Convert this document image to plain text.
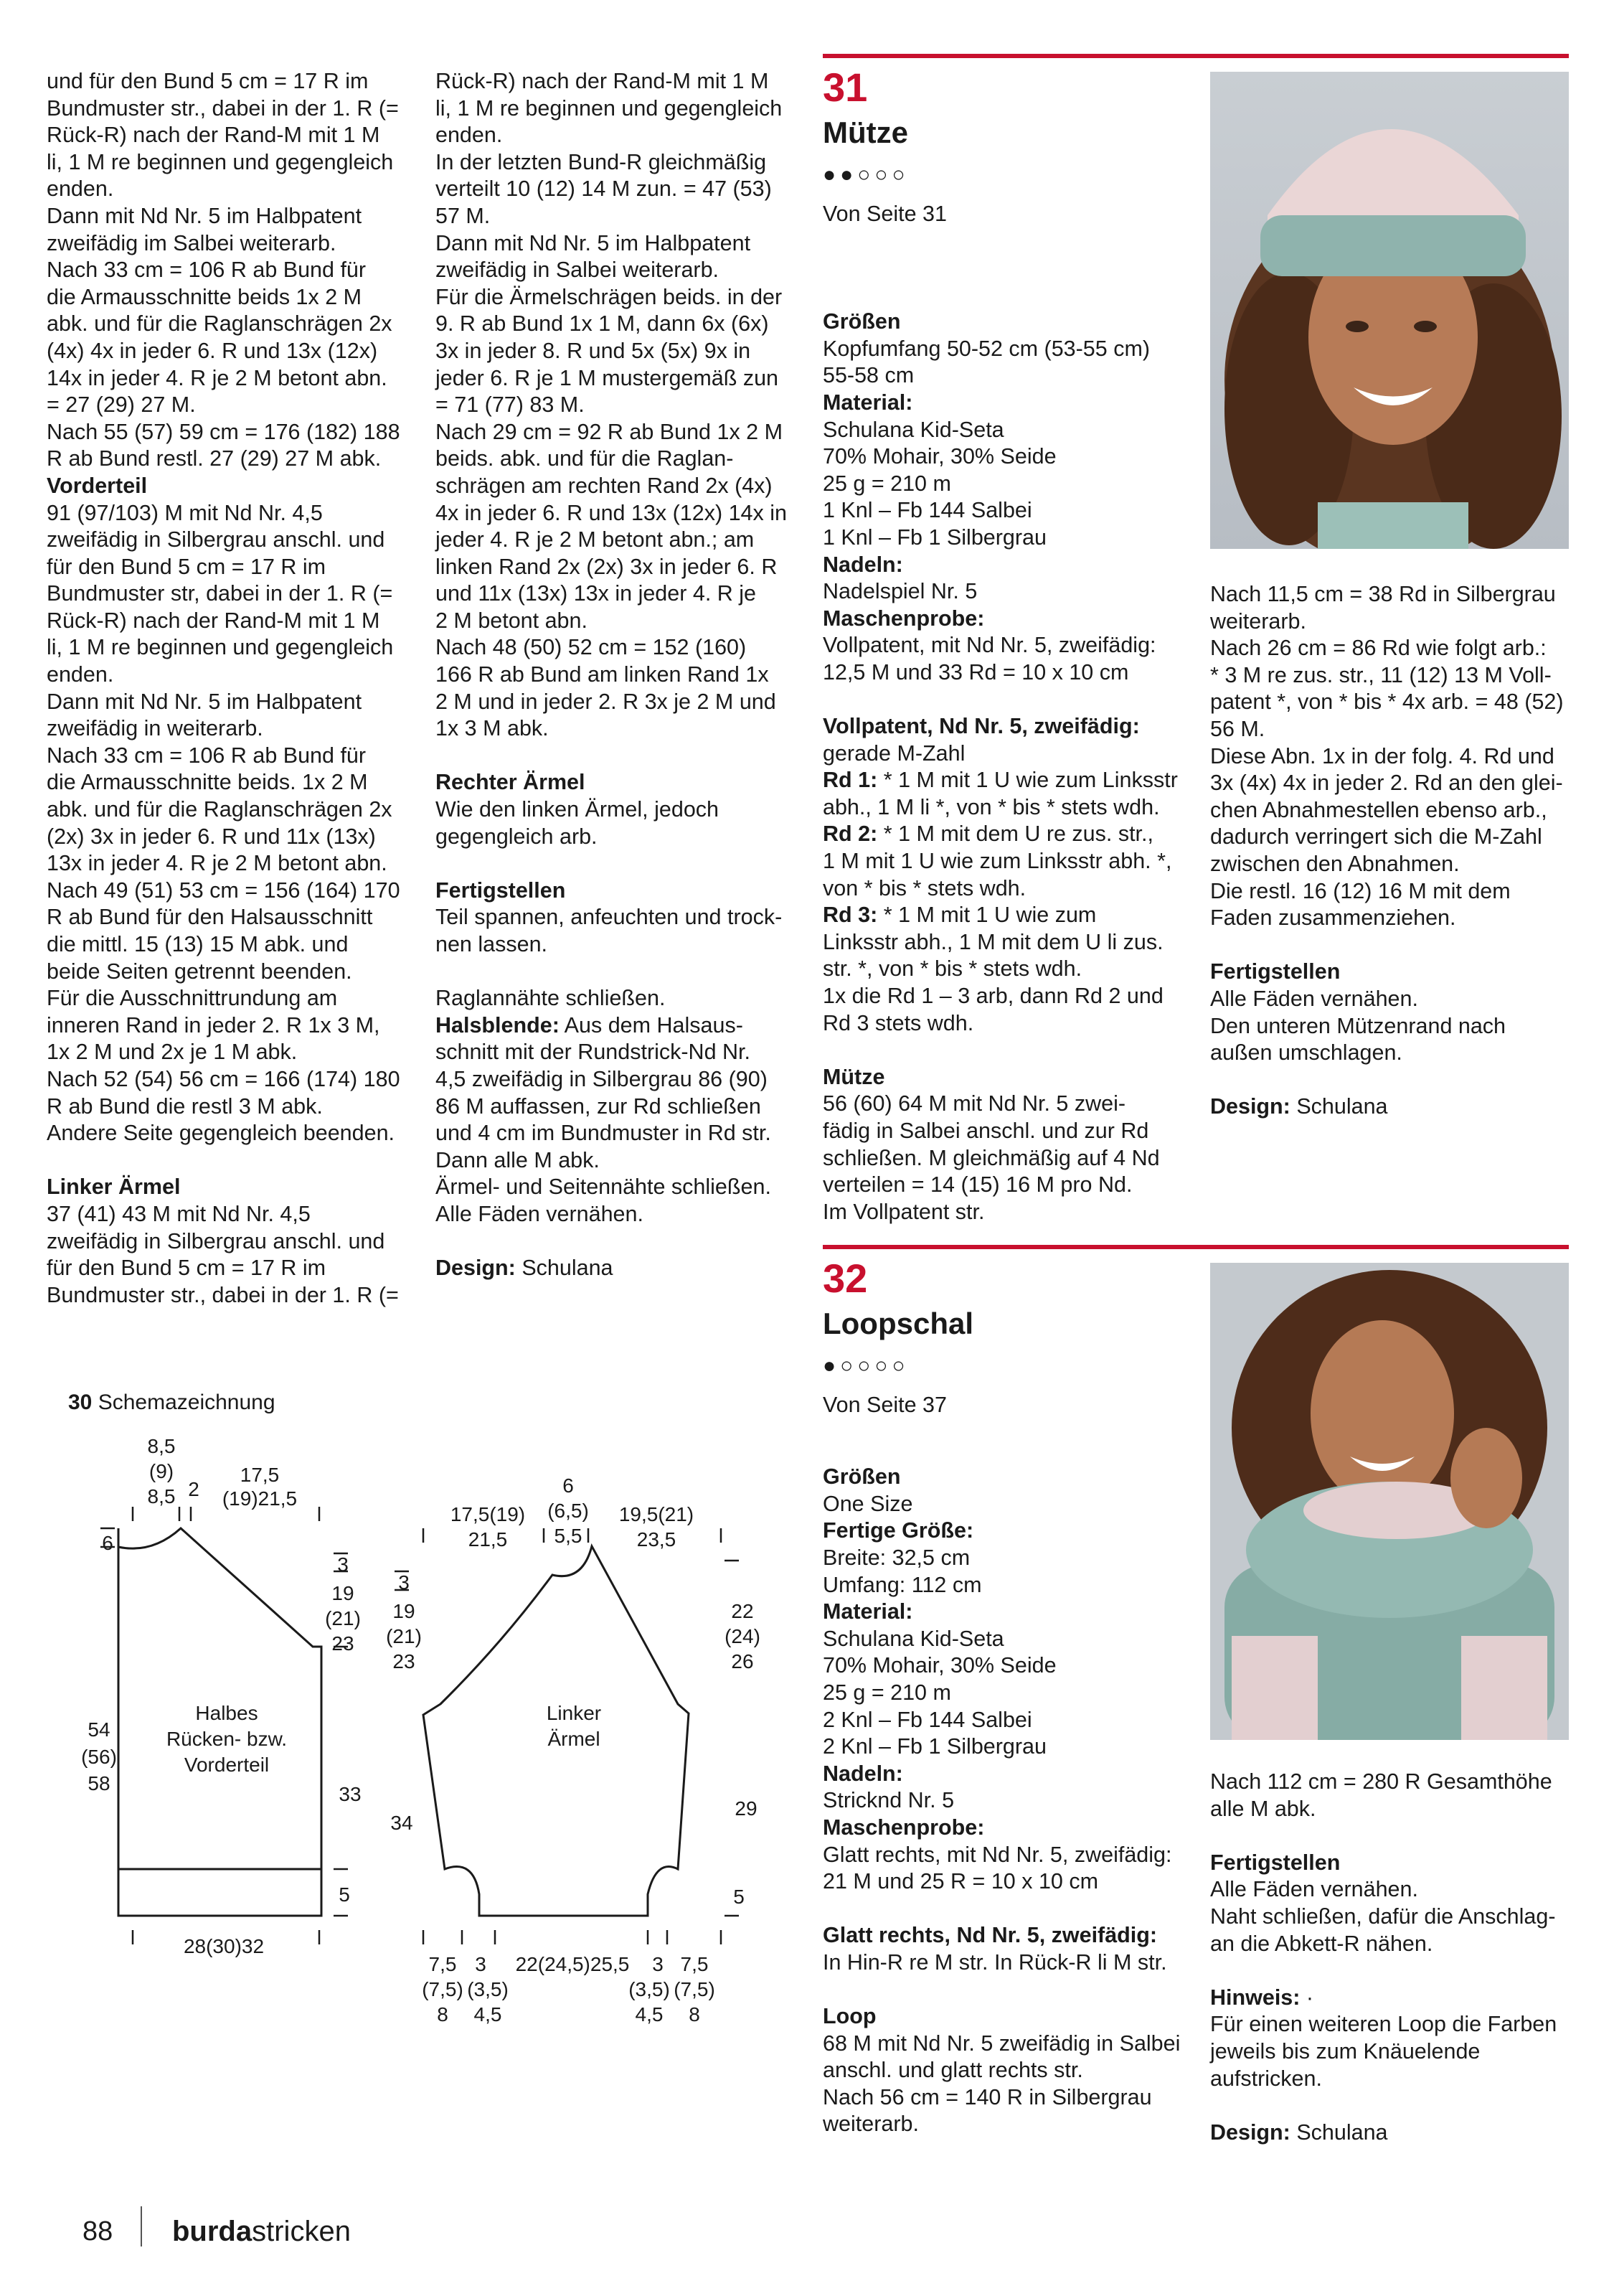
und für den Bund 5 cm = 17 R im

Bundmuster str., dabei in der 1. R (=

Rück-R) nach der Rand-M mit 1 M

li, 1 M re beginnen und gegengleich

enden.

Dann mit Nd Nr. 5 im Halbpatent

zweifädig im Salbei weiterarb.

Nach 33 cm = 106 R ab Bund für

die Armausschnitte beids 1x 2 M

abk. und für die Raglanschrägen 2x

(4x) 4x in jeder 6. R und 13x (12x)

14x in jeder 4. R je 2 M betont abn.

= 27 (29) 27 M.

Nach 55 (57) 59 cm = 176 (182) 188

R ab Bund restl. 27 (29) 27 M abk.

Vorderteil

91 (97/103) M mit Nd Nr. 4,5

zweifädig in Silbergrau anschl. und

für den Bund 5 cm = 17 R im

Bundmuster str, dabei in der 1. R (=

Rück-R) nach der Rand-M mit 1 M

li, 1 M re beginnen und gegengleich

enden.

Dann mit Nd Nr. 5 im Halbpatent

zweifädig in weiterarb.

Nach 33 cm = 106 R ab Bund für

die Armausschnitte beids. 1x 2 M

abk. und für die Raglanschrägen 2x

(2x) 3x in jeder 6. R und 11x (13x)

13x in jeder 4. R je 2 M betont abn.

Nach 49 (51) 53 cm = 156 (164) 170

R ab Bund für den Halsausschnitt

die mittl. 15 (13) 15 M abk. und

beide Seiten getrennt beenden.

Für die Ausschnittrundung am

inneren Rand in jeder 2. R 1x 3 M,

1x 2 M und 2x je 1 M abk.

Nach 52 (54) 56 cm = 166 (174) 180

R ab Bund die restl 3 M abk.

Andere Seite gegengleich beenden.

Linker Ärmel

37 (41) 43 M mit Nd Nr. 4,5

zweifädig in Silbergrau anschl. und

für den Bund 5 cm = 17 R im

Bundmuster str., dabei in der 1. R (=

Rück-R) nach der Rand-M mit 1 M

li, 1 M re beginnen und gegengleich

enden.

In der letzten Bund-R gleichmäßig

verteilt 10 (12) 14 M zun. = 47 (53)

57 M.

Dann mit Nd Nr. 5 im Halbpatent

zweifädig in Salbei weiterarb.

Für die Ärmelschrägen beids. in der

9. R ab Bund 1x 1 M, dann 6x (6x)

3x in jeder 8. R und 5x (5x) 9x in

jeder 6. R je 1 M mustergemäß zun

= 71 (77) 83 M.

Nach 29 cm = 92 R ab Bund 1x 2 M

beids. abk. und für die Raglan-

schrägen am rechten Rand 2x (4x)

4x in jeder 6. R und 13x (12x) 14x in

jeder 4. R je 2 M betont abn.; am

linken Rand 2x (2x) 3x in jeder 6. R

und 11x (13x) 13x in jeder 4. R je

2 M betont abn.

Nach 48 (50) 52 cm = 152 (160)

166 R ab Bund am linken Rand 1x

2 M und in jeder 2. R 3x je 2 M und

1x 3 M abk.

Rechter Ärmel

Wie den linken Ärmel, jedoch

gegengleich arb.

Fertigstellen

Teil spannen, anfeuchten und trock-

nen lassen.

Raglannähte schließen.

Halsblende: Aus dem Halsaus-

schnitt mit der Rundstrick-Nd Nr.

4,5 zweifädig in Silbergrau 86 (90)

86 M auffassen, zur Rd schließen

und 4 cm im Bundmuster in Rd str.

Dann alle M abk.

Ärmel- und Seitennähte schließen.

Alle Fäden vernähen.

Design: Schulana

31
Mütze
●●○○○

Von Seite 31

Größen

Kopfumfang 50-52 cm (53-55 cm)

55-58 cm

Material:

Schulana Kid-Seta

70% Mohair, 30% Seide

25 g = 210 m

1 Knl – Fb 144 Salbei

1 Knl – Fb 1 Silbergrau

Nadeln:

Nadelspiel Nr. 5

Maschenprobe:

Vollpatent, mit Nd Nr. 5, zweifädig:

12,5 M und 33 Rd = 10 x 10 cm

Vollpatent, Nd Nr. 5, zweifädig:

gerade M-Zahl

Rd 1: * 1 M mit 1 U wie zum Linksstr

abh., 1 M li *, von * bis * stets wdh.

Rd 2: * 1 M mit dem U re zus. str.,

1 M mit 1 U wie zum Linksstr abh. *,

von * bis * stets wdh.

Rd 3: * 1 M mit 1 U wie zum

Linksstr abh., 1 M mit dem U li zus.

str. *, von * bis * stets wdh.

1x die Rd 1 – 3 arb, dann Rd 2 und

Rd 3 stets wdh.

Mütze

56 (60) 64 M mit Nd Nr. 5 zwei-

fädig in Salbei anschl. und zur Rd

schließen. M gleichmäßig auf 4 Nd

verteilen = 14 (15) 16 M pro Nd.

Im Vollpatent str.

Nach 11,5 cm = 38 Rd in Silbergrau

weiterarb.

Nach 26 cm = 86 Rd wie folgt arb.:

* 3 M re zus. str., 11 (12) 13 M Voll-

patent *, von * bis * 4x arb. = 48 (52)

56 M.

Diese Abn. 1x in der folg. 4. Rd und

3x (4x) 4x in jeder 2. Rd an den glei-

chen Abnahmestellen ebenso arb.,

dadurch verringert sich die M-Zahl

zwischen den Abnahmen.

Die restl. 16 (12) 16 M mit dem

Faden zusammenziehen.

Fertigstellen

Alle Fäden vernähen.

Den unteren Mützenrand nach

außen umschlagen.

Design: Schulana

32
Loopschal
●○○○○

Von Seite 37

Größen

One Size

Fertige Größe:

Breite: 32,5 cm

Umfang: 112 cm

Material:

Schulana Kid-Seta

70% Mohair, 30% Seide

25 g = 210 m

2 Knl – Fb 144 Salbei

2 Knl – Fb 1 Silbergrau

Nadeln:

Stricknd Nr. 5

Maschenprobe:

Glatt rechts, mit Nd Nr. 5, zweifädig:

21 M und 25 R = 10 x 10 cm

Glatt rechts, Nd Nr. 5, zweifädig:

In Hin-R re M str. In Rück-R li M str.

Loop

68 M mit Nd Nr. 5 zweifädig in Salbei

anschl. und glatt rechts str.

Nach 56 cm = 140 R in Silbergrau

weiterarb.

Nach 112 cm = 280 R Gesamthöhe

alle M abk.

Fertigstellen

Alle Fäden vernähen.

Naht schließen, dafür die Anschlag-

an die Abkett-R nähen.

Hinweis: ·

Für einen weiteren Loop die Farben

jeweils bis zum Knäuelende

aufstricken.

Design: Schulana

30 Schemazeichnung
8,5
(9)
8,5 2
17,5
(19)21,5
6
3
19
(21)
23
54
(56)
58	33
5
28(30)32
Halbes
Rücken- bzw.
Vorderteil
17,5(19)
21,5
6
(6,5)
5,5
19,5(21)
23,5
3
19
(21)
23
22
(24)
26
34
29
5
7,5
(7,5)
8
3
(3,5)
4,5
22(24,5)25,5 3
(3,5)
4,5
7,5
(7,5)
8
Linker
Ärmel
88 burdastricken
